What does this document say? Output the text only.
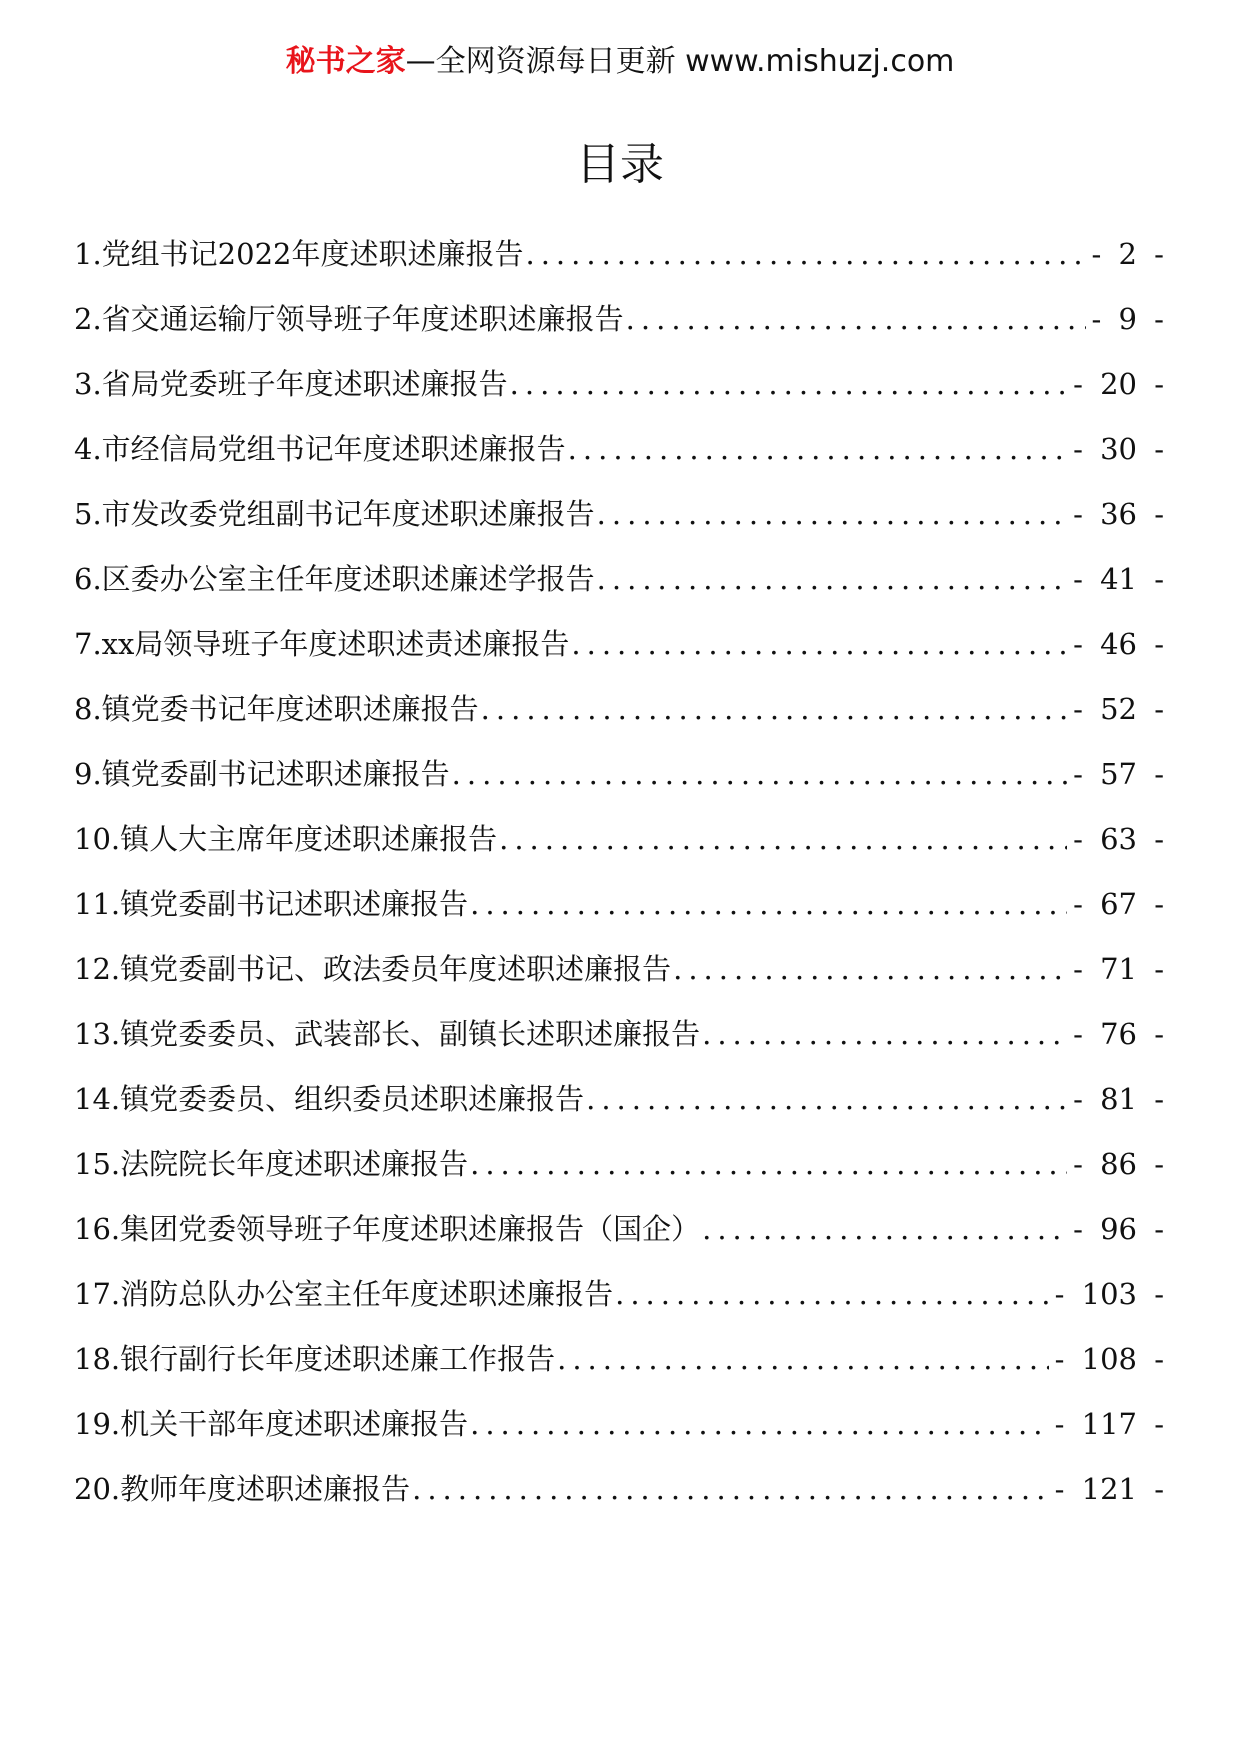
秘书之家—全网资源每日更新 www.mishuzj.com
目录
1.党组书记2022年度述职述廉报告 .....	- 2 -
2.省交通运输厅领导班子年度述职述廉报告 .....	- 9 -
3.省局党委班子年度述职述廉报告 .....	- 20 -
4.市经信局党组书记年度述职述廉报告 .....	- 30 -
5.市发改委党组副书记年度述职述廉报告 .....	- 36 -
6.区委办公室主任年度述职述廉述学报告 .....	- 41 -
7.xx局领导班子年度述职述责述廉报告 .....	- 46 -
8.镇党委书记年度述职述廉报告 .....	- 52 -
9.镇党委副书记述职述廉报告 .....	- 57 -
10.镇人大主席年度述职述廉报告 .....	- 63 -
11.镇党委副书记述职述廉报告 .....	- 67 -
12.镇党委副书记、政法委员年度述职述廉报告 .....	- 71 -
13.镇党委委员、武装部长、副镇长述职述廉报告 .....	- 76 -
14.镇党委委员、组织委员述职述廉报告 .....	- 81 -
15.法院院长年度述职述廉报告 .....	- 86 -
16.集团党委领导班子年度述职述廉报告（国企） .....	- 96 -
17.消防总队办公室主任年度述职述廉报告 .....	- 103 -
18.银行副行长年度述职述廉工作报告 .....	- 108 -
19.机关干部年度述职述廉报告 .....	- 117 -
20.教师年度述职述廉报告 .....	- 121 -
